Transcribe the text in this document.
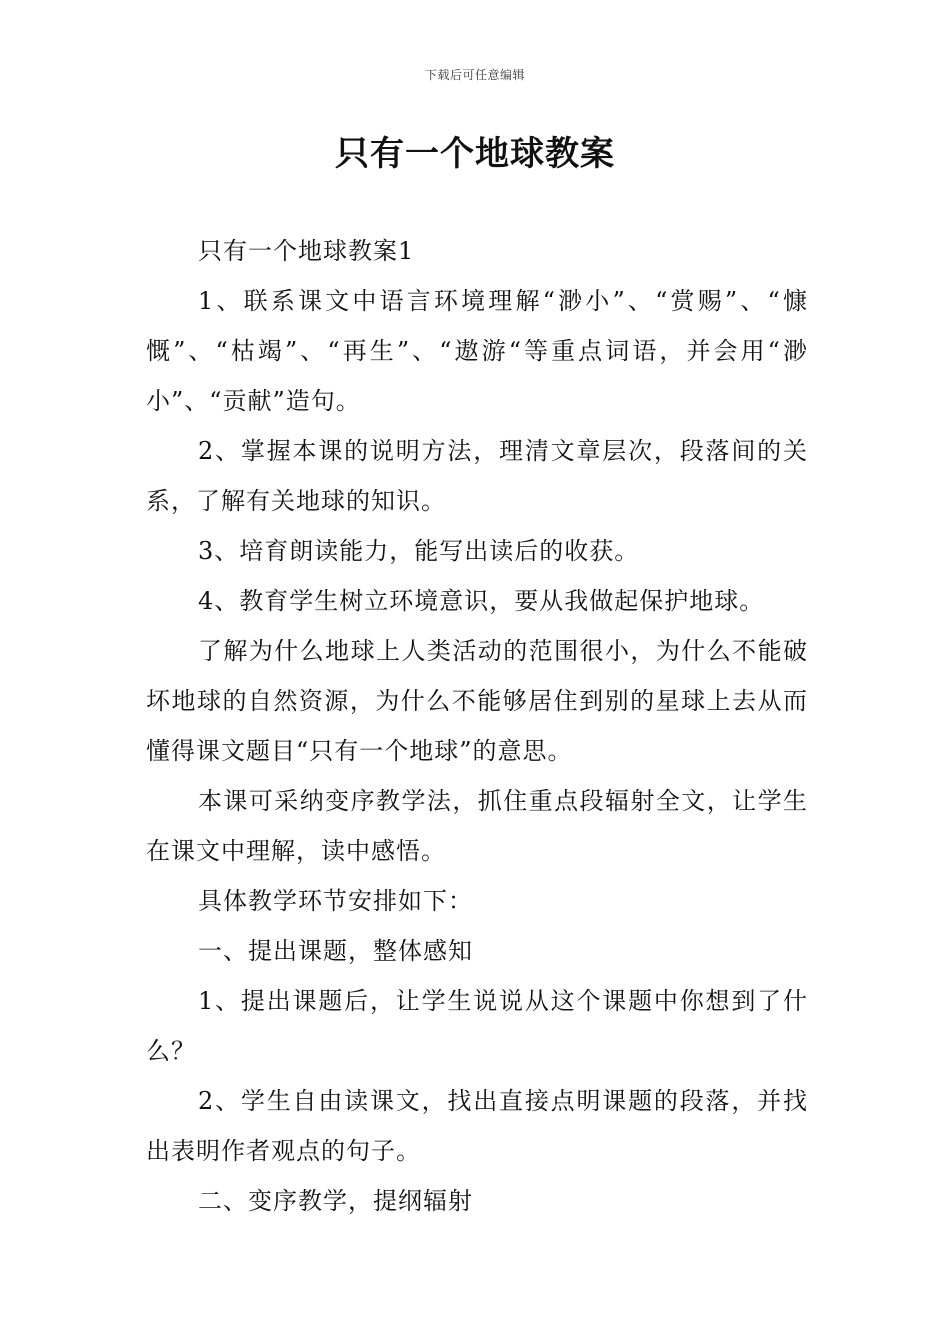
下载后可任意编辑
只有一个地球教案

只有一个地球教案1

1、联系课文中语言环境理解“渺小”、“赏赐”、“慷慨”、“枯竭”、“再生”、“遨游“等重点词语，并会用“渺小”、“贡献”造句。

2、掌握本课的说明方法，理清文章层次，段落间的关系，了解有关地球的知识。

3、培育朗读能力，能写出读后的收获。

4、教育学生树立环境意识，要从我做起保护地球。

了解为什么地球上人类活动的范围很小，为什么不能破坏地球的自然资源，为什么不能够居住到别的星球上去从而懂得课文题目“只有一个地球”的意思。

本课可采纳变序教学法，抓住重点段辐射全文，让学生在课文中理解，读中感悟。

具体教学环节安排如下：

一、提出课题，整体感知

1、提出课题后，让学生说说从这个课题中你想到了什么？

2、学生自由读课文，找出直接点明课题的段落，并找出表明作者观点的句子。

二、变序教学，提纲辐射
